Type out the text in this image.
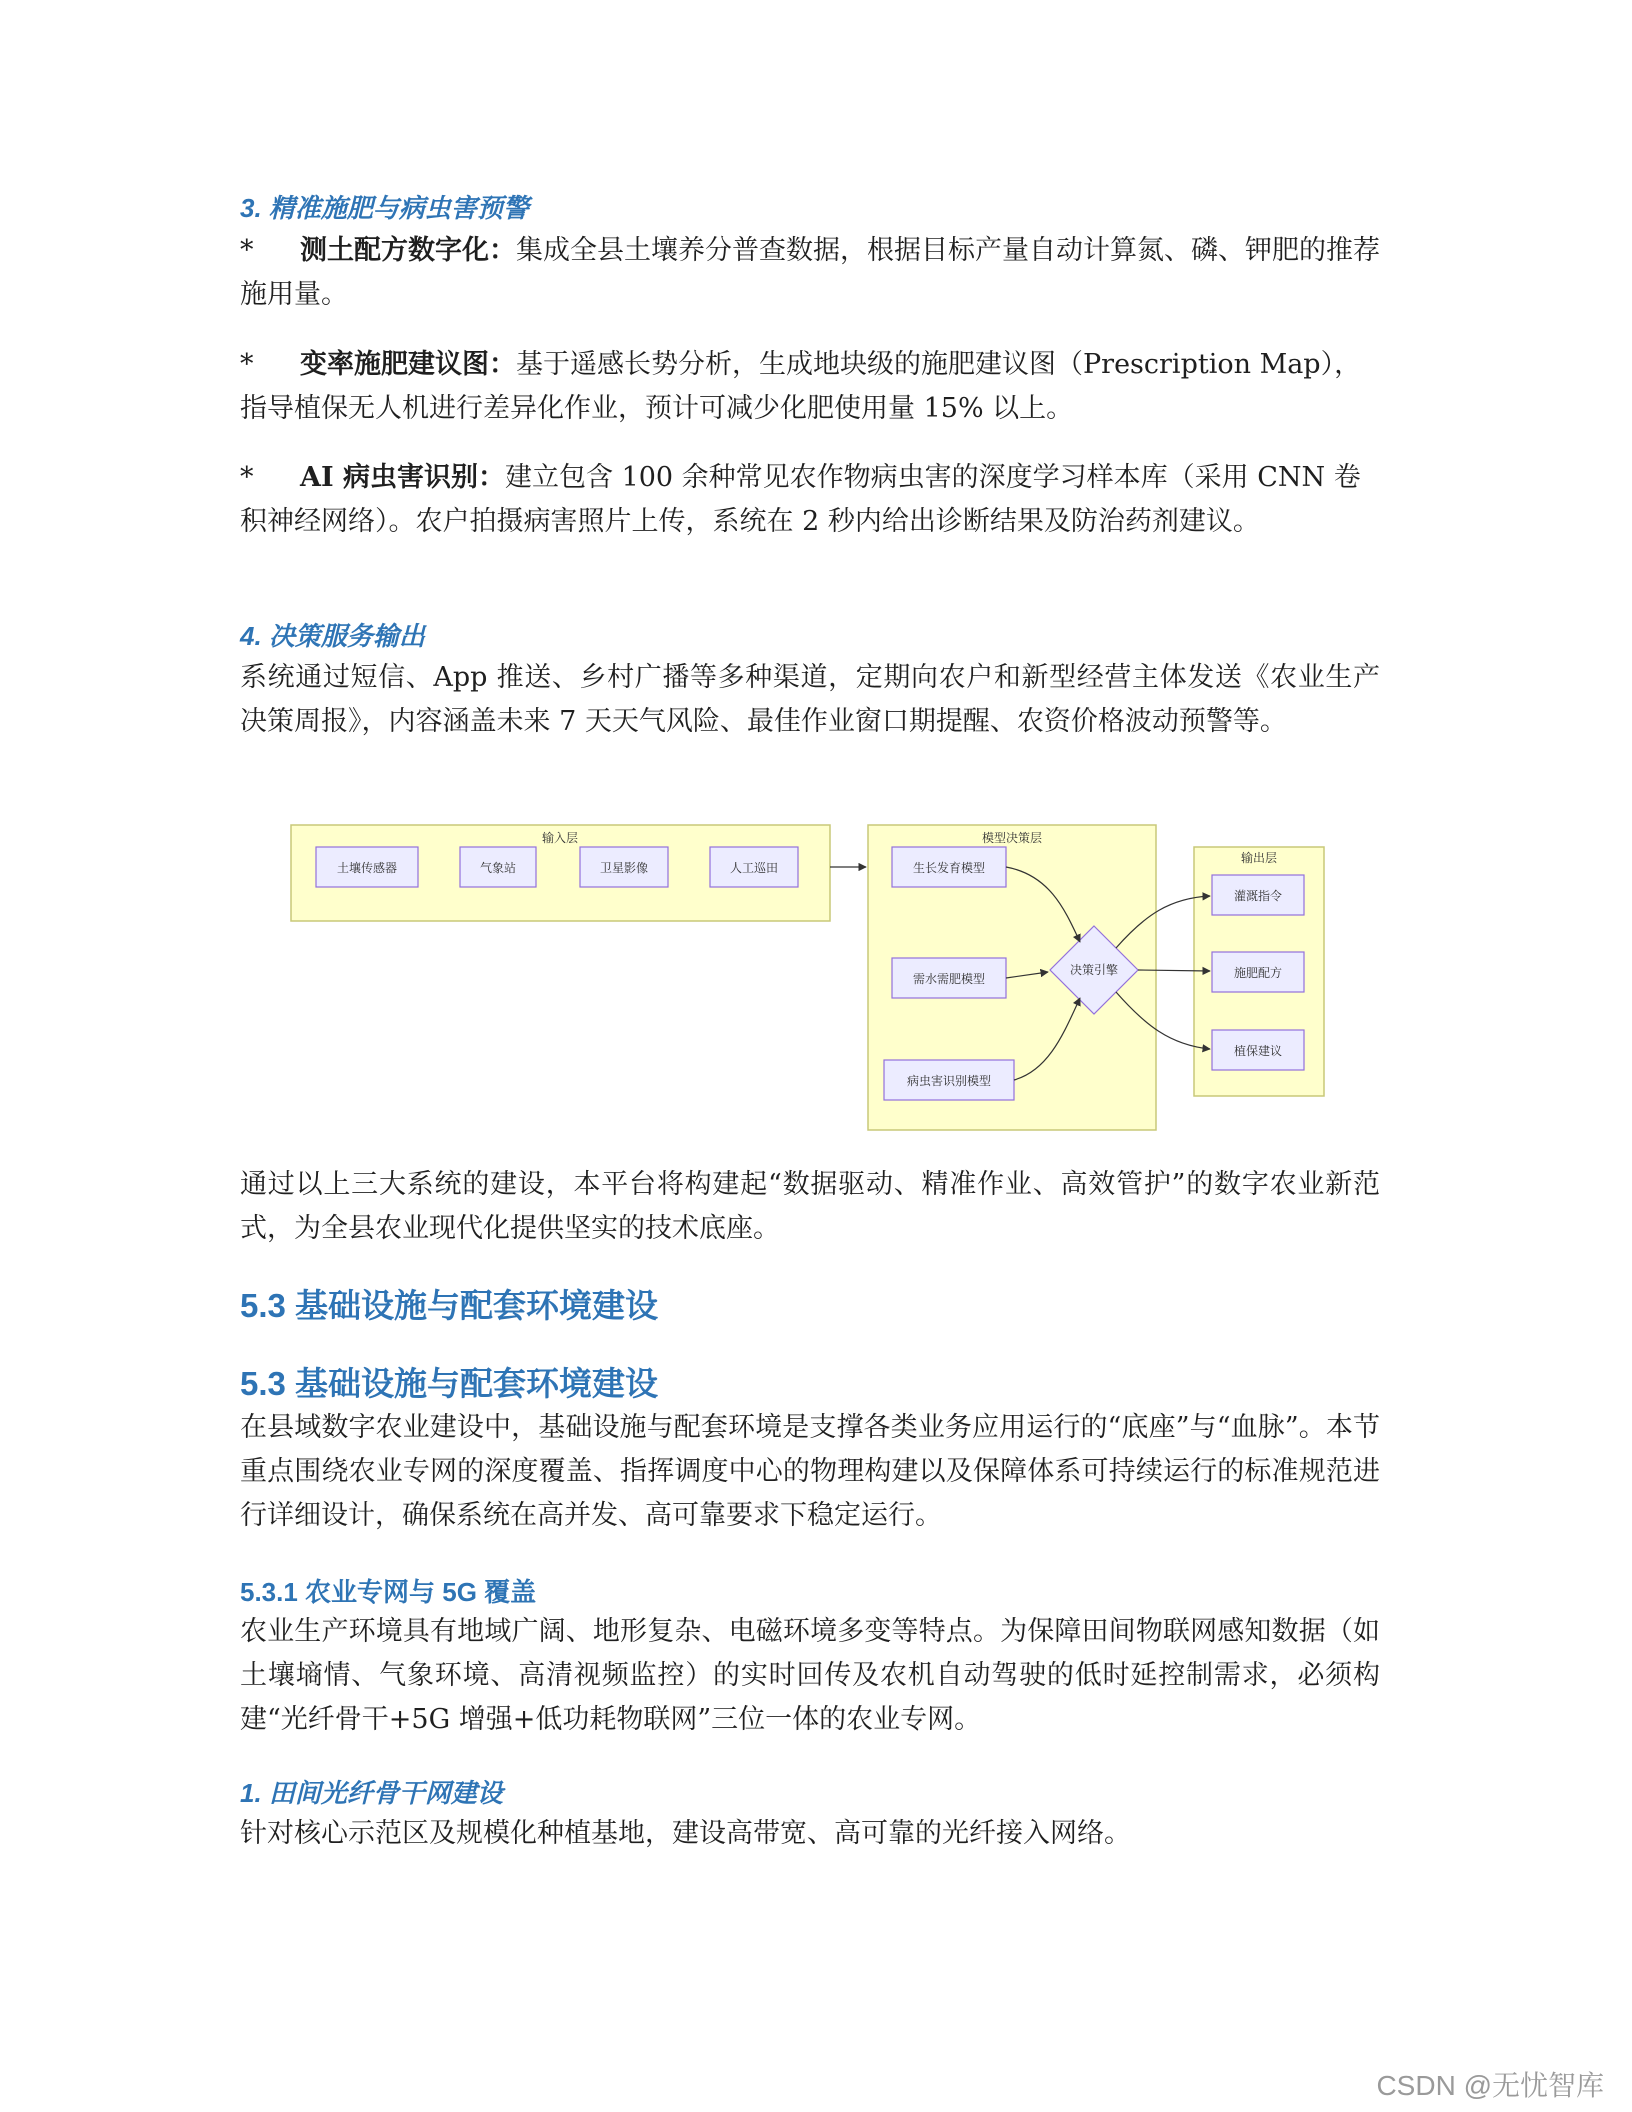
3. 精准施肥与病虫害预警
* 测土配方数字化：集成全县土壤养分普查数据，根据目标产量自动计算氮、磷、钾肥的推荐施用量。
* 变率施肥建议图：基于遥感长势分析，生成地块级的施肥建议图（Prescription Map），指导植保无人机进行差异化作业，预计可减少化肥使用量 15% 以上。
* AI 病虫害识别：建立包含 100 余种常见农作物病虫害的深度学习样本库（采用 CNN 卷积神经网络）。农户拍摄病害照片上传，系统在 2 秒内给出诊断结果及防治药剂建议。
4. 决策服务输出
系统通过短信、App 推送、乡村广播等多种渠道，定期向农户和新型经营主体发送《农业生产决策周报》，内容涵盖未来 7 天天气风险、最佳作业窗口期提醒、农资价格波动预警等。
输入层	模型决策层
输出层
土壤传感器	气象站	卫星影像	人工巡田	生长发育模型
需水需肥模型
病虫害识别模型
决策引擎
灌溉指令
施肥配方
植保建议
通过以上三大系统的建设，本平台将构建起“数据驱动、精准作业、高效管护”的数字农业新范式，为全县农业现代化提供坚实的技术底座。
5.3 基础设施与配套环境建设
5.3 基础设施与配套环境建设
在县域数字农业建设中，基础设施与配套环境是支撑各类业务应用运行的“底座”与“血脉”。本节重点围绕农业专网的深度覆盖、指挥调度中心的物理构建以及保障体系可持续运行的标准规范进行详细设计，确保系统在高并发、高可靠要求下稳定运行。
5.3.1 农业专网与 5G 覆盖
农业生产环境具有地域广阔、地形复杂、电磁环境多变等特点。为保障田间物联网感知数据（如土壤墒情、气象环境、高清视频监控）的实时回传及农机自动驾驶的低时延控制需求，必须构建“光纤骨干+5G 增强+低功耗物联网”三位一体的农业专网。
1. 田间光纤骨干网建设
针对核心示范区及规模化种植基地，建设高带宽、高可靠的光纤接入网络。
CSDN @无忧智库
